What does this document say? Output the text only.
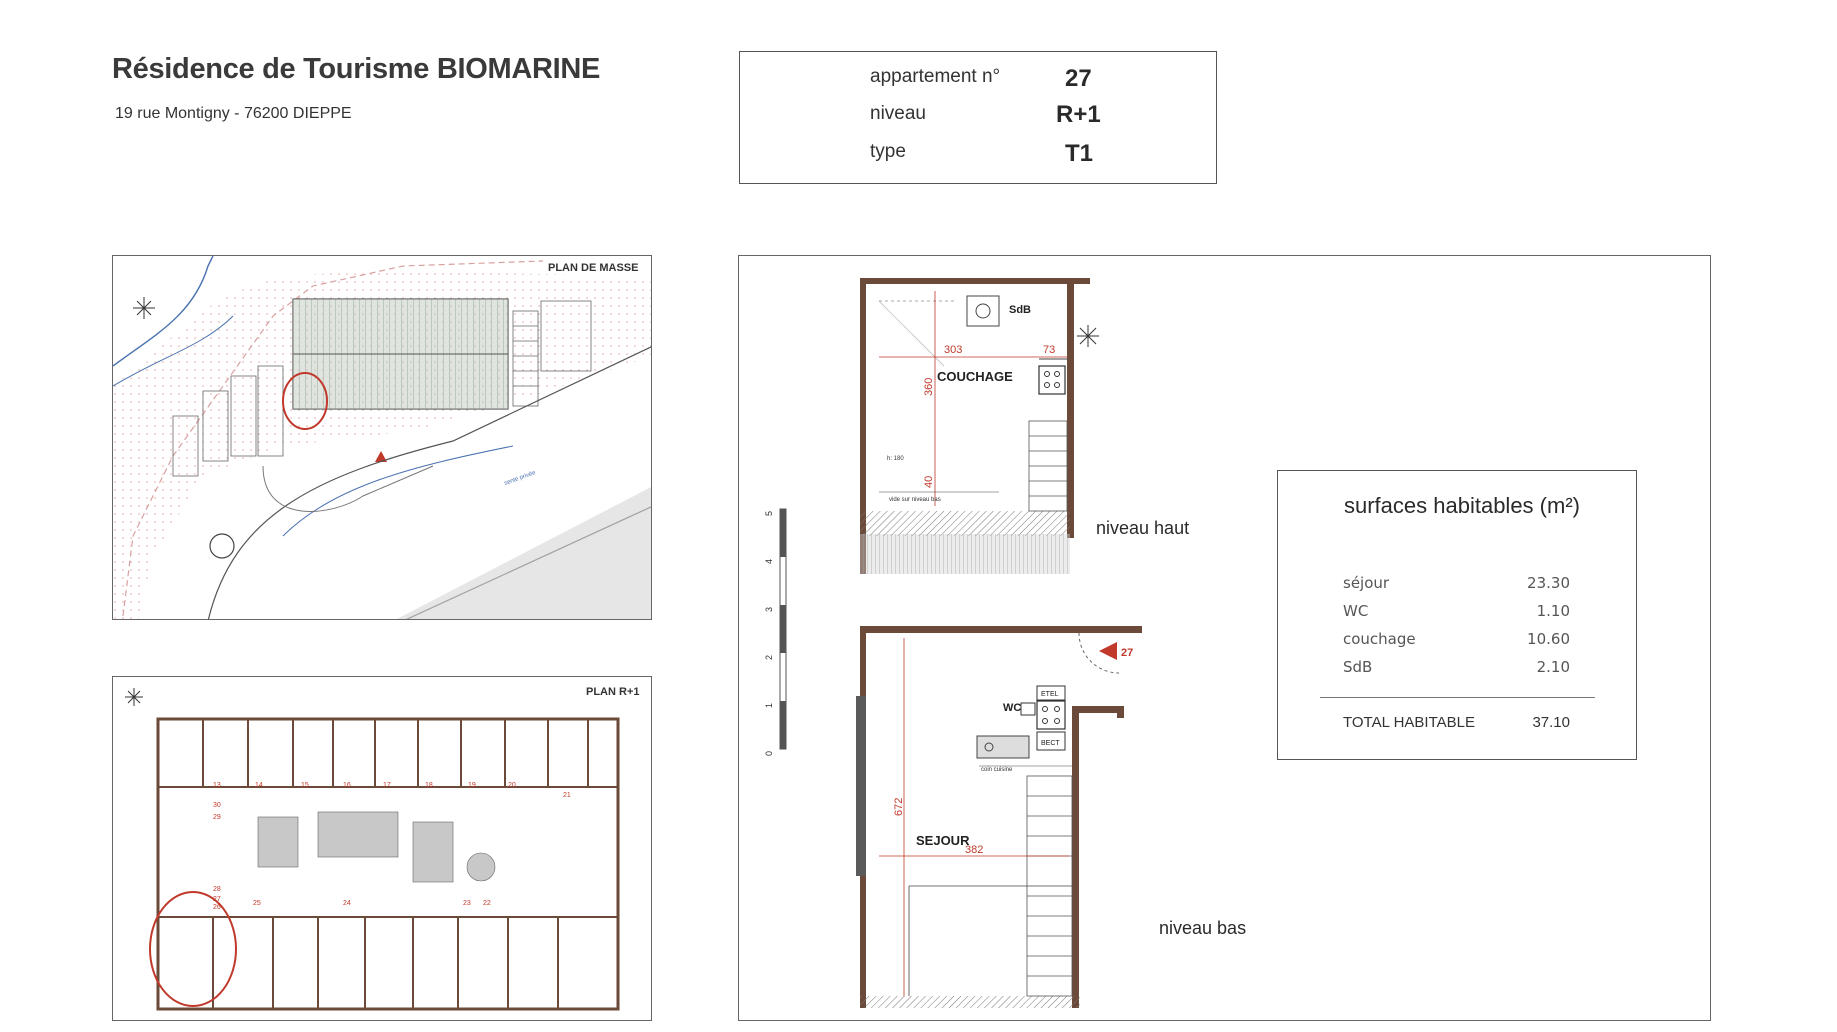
Résidence de Tourisme BIOMARINE
19 rue Montigny - 76200 DIEPPE
appartement n°	27
niveau	R+1
type	T1
sente privée
PLAN DE MASSE
13	14	15	16	17	18	19	20
21
22
23
24
25
26
27
28
29
30
PLAN R+1
303	73
360
40
SdB
COUCHAGE
h: 180
vide sur niveau bas
27
ETEL
BECT
WC
coin cuisine
672
382
SEJOUR
5
4
3
2
1
0
niveau haut
niveau bas
surfaces habitables (m²)
séjour	23.30
WC	1.10
couchage	10.60
SdB	2.10
TOTAL HABITABLE	37.10
